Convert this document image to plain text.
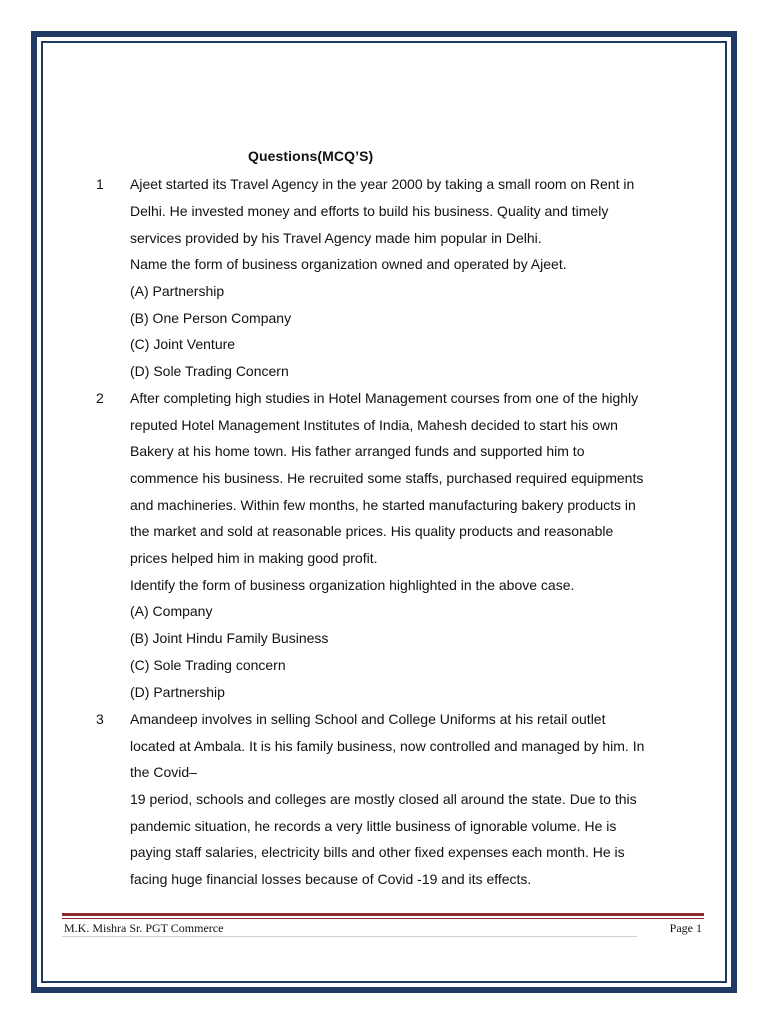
Questions(MCQ’S)
1	Ajeet started its Travel Agency in the year 2000 by taking a small room on Rent in
Delhi. He invested money and efforts to build his business. Quality and timely
services provided by his Travel Agency made him popular in Delhi.
Name the form of business organization owned and operated by Ajeet.
(A) Partnership
(B) One Person Company
(C) Joint Venture
(D) Sole Trading Concern
2	After completing high studies in Hotel Management courses from one of the highly
reputed Hotel Management Institutes of India, Mahesh decided to start his own
Bakery at his home town. His father arranged funds and supported him to
commence his business. He recruited some staffs, purchased required equipments
and machineries. Within few months, he started manufacturing bakery products in
the market and sold at reasonable prices. His quality products and reasonable
prices helped him in making good profit.
Identify the form of business organization highlighted in the above case.
(A) Company
(B) Joint Hindu Family Business
(C) Sole Trading concern
(D) Partnership
3	Amandeep involves in selling School and College Uniforms at his retail outlet
located at Ambala. It is his family business, now controlled and managed by him. In
the Covid–
19 period, schools and colleges are mostly closed all around the state. Due to this
pandemic situation, he records a very little business of ignorable volume. He is
paying staff salaries, electricity bills and other fixed expenses each month. He is
facing huge financial losses because of Covid -19 and its effects.
M.K. Mishra Sr. PGT Commerce	Page 1
